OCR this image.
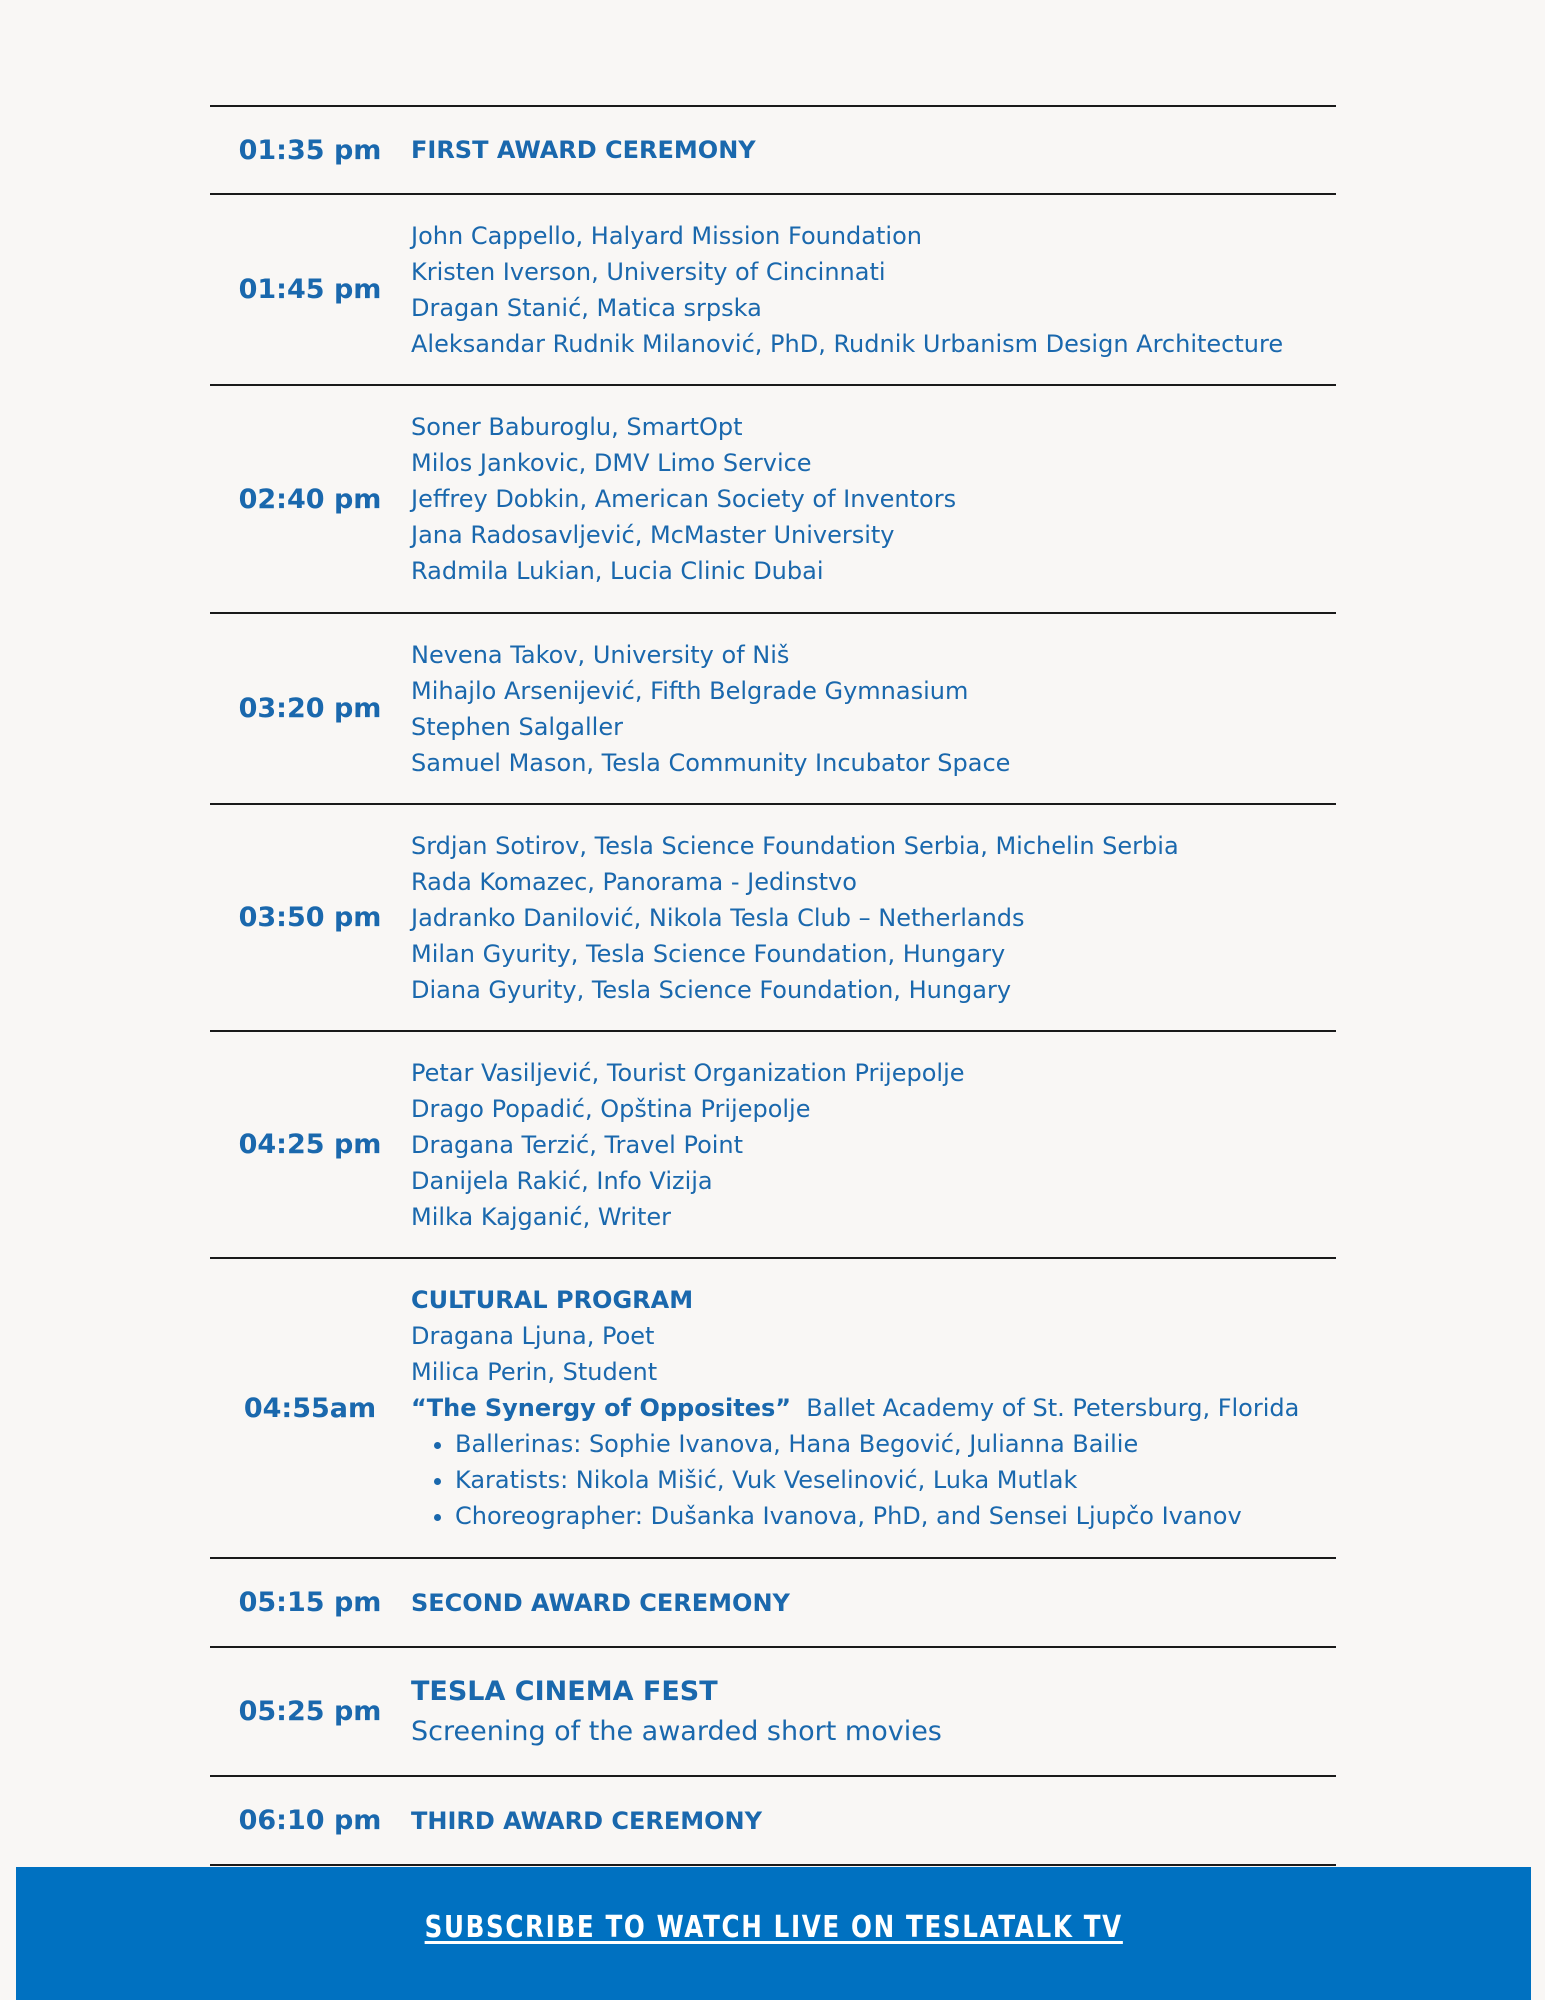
01:35 pm	FIRST AWARD CEREMONY
01:45 pm
John Cappello, Halyard Mission Foundation
Kristen Iverson, University of Cincinnati
Dragan Stanić, Matica srpska
Aleksandar Rudnik Milanović, PhD, Rudnik Urbanism Design Architecture
02:40 pm
Soner Baburoglu, SmartOpt
Milos Jankovic, DMV Limo Service
Jeffrey Dobkin, American Society of Inventors
Jana Radosavljević, McMaster University
Radmila Lukian, Lucia Clinic Dubai
03:20 pm
Nevena Takov, University of Niš
Mihajlo Arsenijević, Fifth Belgrade Gymnasium
Stephen Salgaller
Samuel Mason, Tesla Community Incubator Space
03:50 pm
Srdjan Sotirov, Tesla Science Foundation Serbia, Michelin Serbia
Rada Komazec, Panorama - Jedinstvo
Jadranko Danilović, Nikola Tesla Club – Netherlands
Milan Gyurity, Tesla Science Foundation, Hungary
Diana Gyurity, Tesla Science Foundation, Hungary
04:25 pm
Petar Vasiljević, Tourist Organization Prijepolje
Drago Popadić, Opština Prijepolje
Dragana Terzić, Travel Point
Danijela Rakić, Info Vizija
Milka Kajganić, Writer
04:55am
CULTURAL PROGRAM
Dragana Ljuna, Poet
Milica Perin, Student
“The Synergy of Opposites” Ballet Academy of St. Petersburg, Florida
• Ballerinas: Sophie Ivanova, Hana Begović, Julianna Bailie
• Karatists: Nikola Mišić, Vuk Veselinović, Luka Mutlak
• Choreographer: Dušanka Ivanova, PhD, and Sensei Ljupčo Ivanov
05:15 pm	SECOND AWARD CEREMONY
05:25 pm
TESLA CINEMA FEST
Screening of the awarded short movies
06:10 pm	THIRD AWARD CEREMONY
SUBSCRIBE TO WATCH LIVE ON TESLATALK TV
